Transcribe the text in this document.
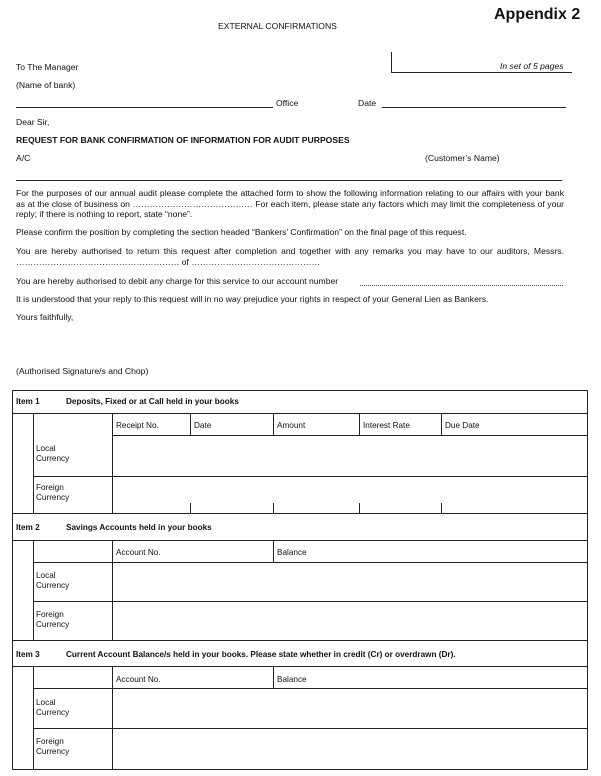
EXTERNAL CONFIRMATIONS
Appendix 2
In set of 5 pages
To The Manager
(Name of bank)
Office	Date
Dear Sir,
REQUEST FOR BANK CONFIRMATION OF INFORMATION FOR AUDIT PURPOSES
A/C	(Customer’s Name)
For the purposes of our annual audit please complete the attached form to show the following information relating to our affairs with your bank as at the close of business on …………………………………… For each item, please state any factors which may limit the completeness of your reply; if there is nothing to report, state “none”.
Please confirm the position by completing the section headed “Bankers’ Confirmation” on the final page of this request.
You are hereby authorised to return this request after completion and together with any remarks you may have to our auditors, Messrs. ………………………………………………… of ………………………………………
You are hereby authorised to debit any charge for this service to our account number
It is understood that your reply to this request will in no way prejudice your rights in respect of your General Lien as Bankers.
Yours faithfully,
(Authorised Signature/s and Chop)
Item 1	Deposits, Fixed or at Call held in your books
Receipt No.	Date	Amount	Interest Rate	Due Date
Local Currency
Foreign Currency
Item 2	Savings Accounts held in your books
Account No.	Balance
Local Currency
Foreign Currency
Item 3	Current Account Balance/s held in your books. Please state whether in credit (Cr) or overdrawn (Dr).
Account No.	Balance
Local Currency
Foreign Currency
